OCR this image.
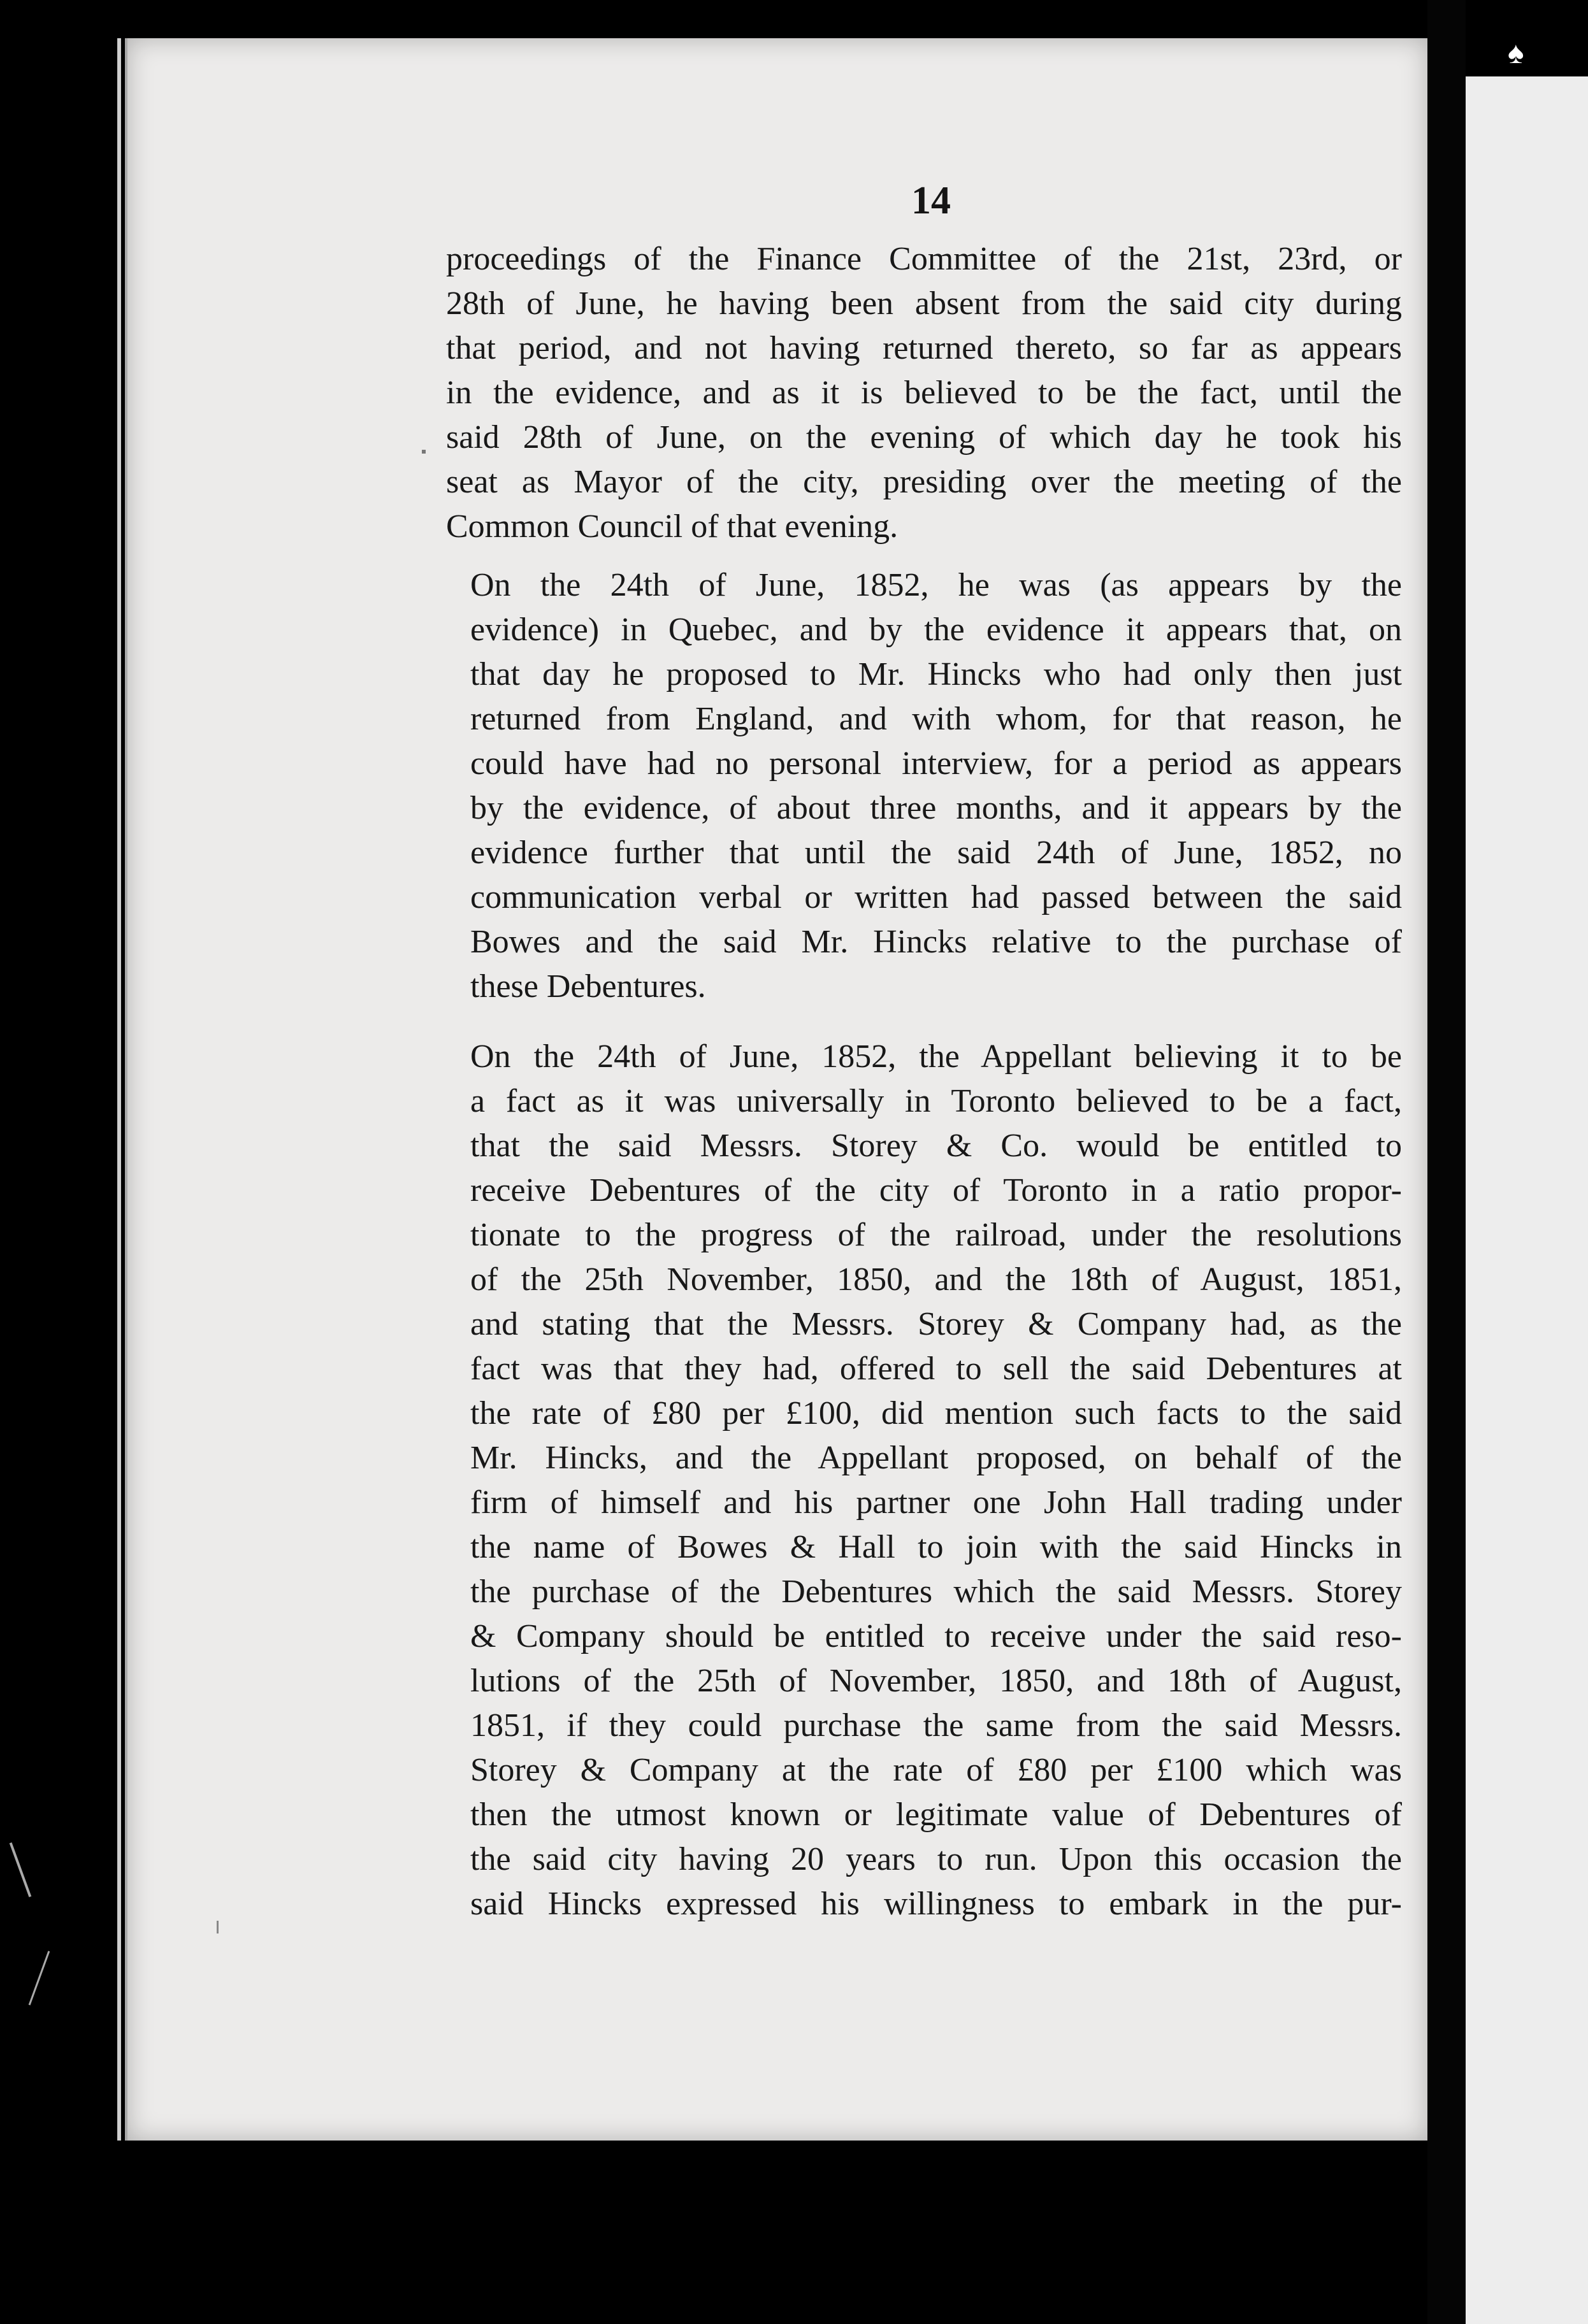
♠
14

proceedings of the Finance Committee of the 21st, 23rd, or
28th of June, he having been absent from the said city during
that period, and not having returned thereto, so far as appears
in the evidence, and as it is believed to be the fact, until the
said 28th of June, on the evening of which day he took his
seat as Mayor of the city, presiding over the meeting of the
Common Council of that evening.

On the 24th of June, 1852, he was (as appears by the
evidence) in Quebec, and by the evidence it appears that, on
that day he proposed to Mr. Hincks who had only then just
returned from England, and with whom, for that reason, he
could have had no personal interview, for a period as appears
by the evidence, of about three months, and it appears by the
evidence further that until the said 24th of June, 1852, no
communication verbal or written had passed between the said
Bowes and the said Mr. Hincks relative to the purchase of
these Debentures.

On the 24th of June, 1852, the Appellant believing it to be
a fact as it was universally in Toronto believed to be a fact,
that the said Messrs. Storey & Co. would be entitled to
receive Debentures of the city of Toronto in a ratio propor-
tionate to the progress of the railroad, under the resolutions
of the 25th November, 1850, and the 18th of August, 1851,
and stating that the Messrs. Storey & Company had, as the
fact was that they had, offered to sell the said Debentures at
the rate of £80 per £100, did mention such facts to the said
Mr. Hincks, and the Appellant proposed, on behalf of the
firm of himself and his partner one John Hall trading under
the name of Bowes & Hall to join with the said Hincks in
the purchase of the Debentures which the said Messrs. Storey
& Company should be entitled to receive under the said reso-
lutions of the 25th of November, 1850, and 18th of August,
1851, if they could purchase the same from the said Messrs.
Storey & Company at the rate of £80 per £100 which was
then the utmost known or legitimate value of Debentures of
the said city having 20 years to run. Upon this occasion the
said Hincks expressed his willingness to embark in the pur-
